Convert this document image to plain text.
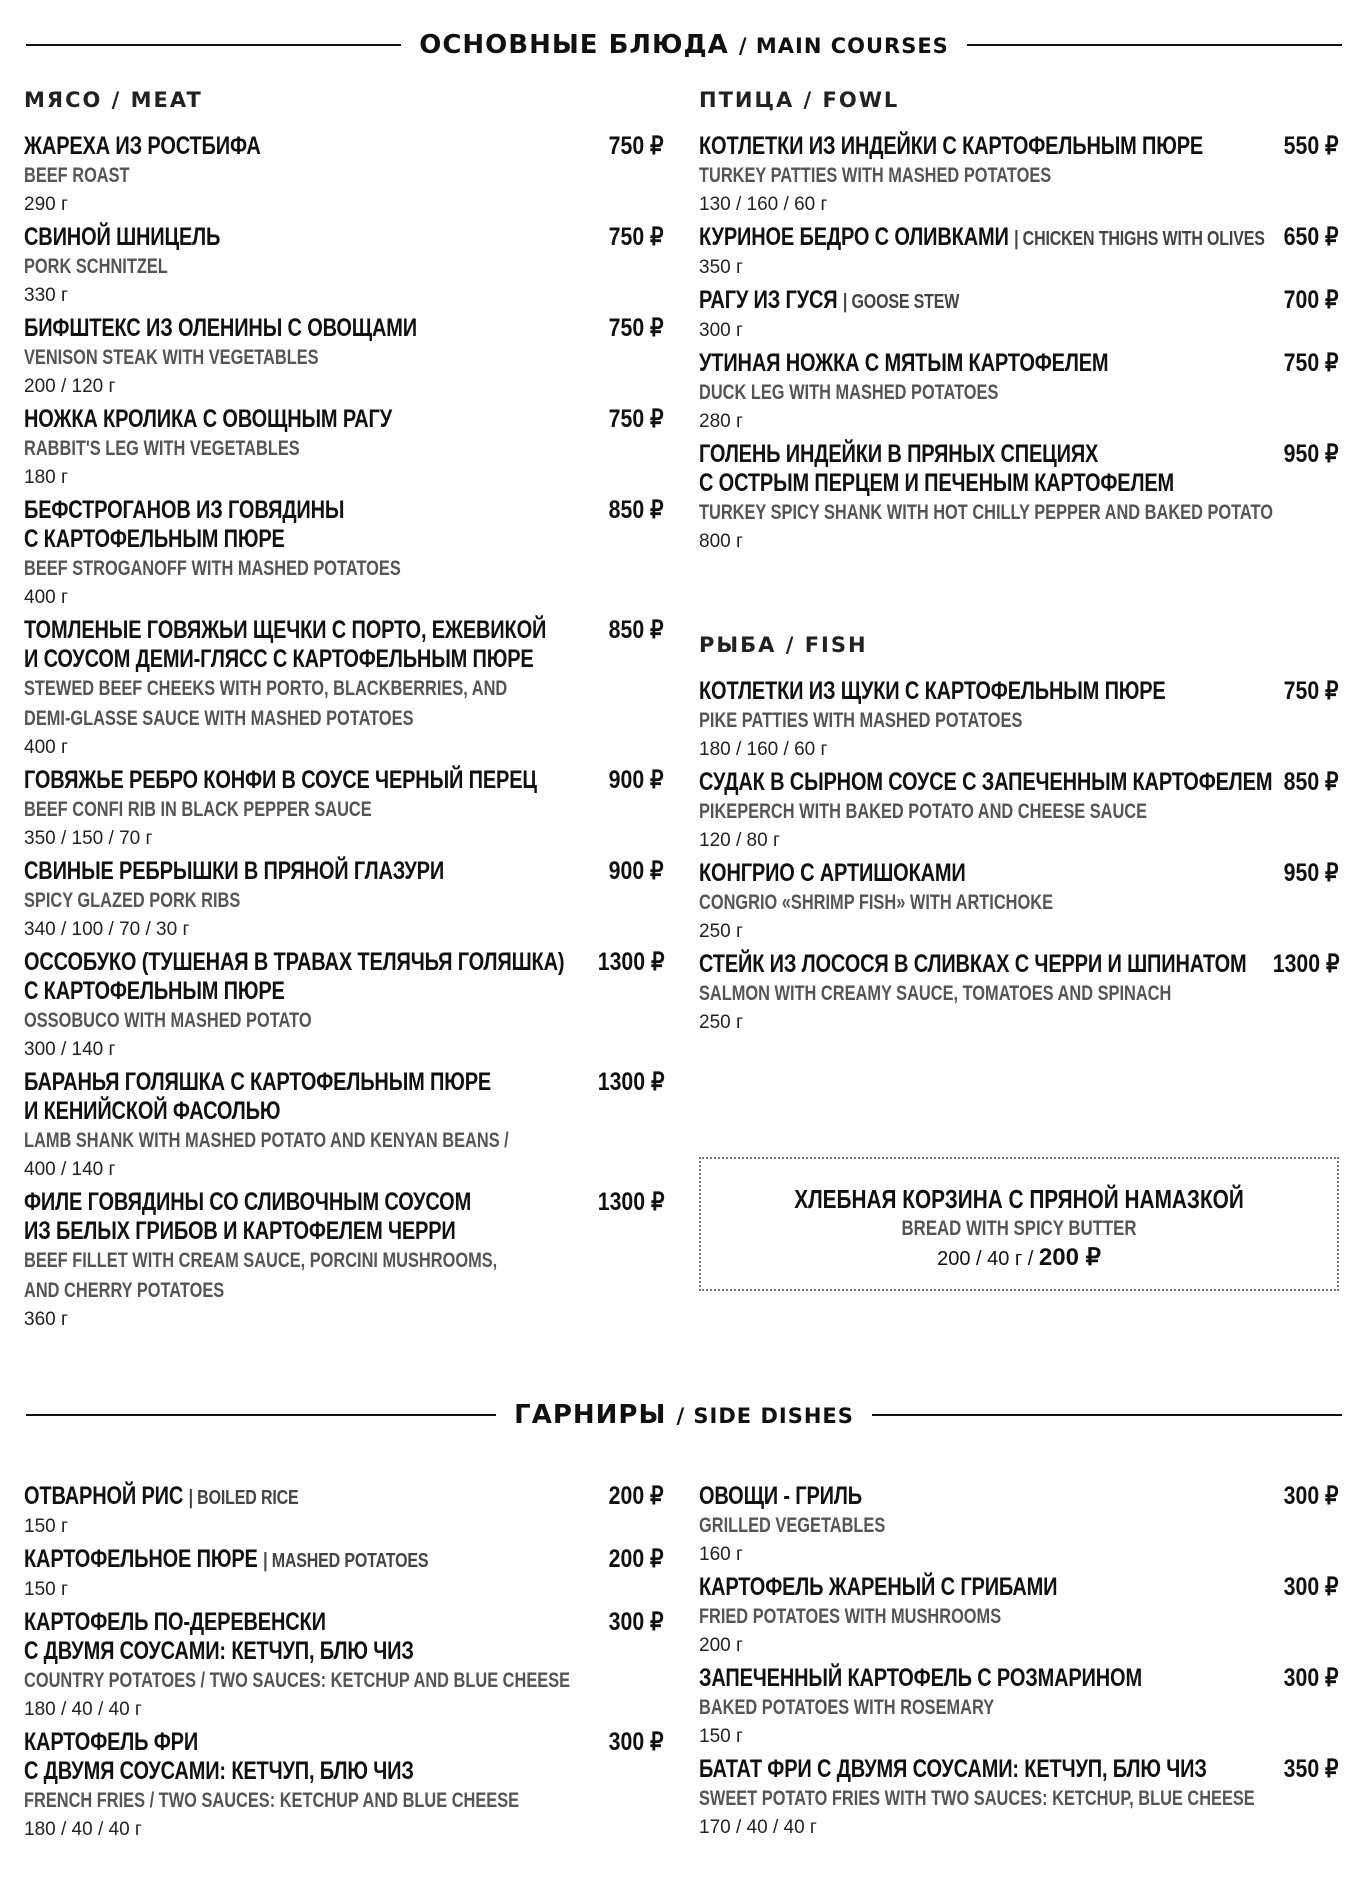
ОСНОВНЫЕ БЛЮДА / MAIN COURSES
МЯСО / MEAT
ЖАРЕХА ИЗ РОСТБИФА	750 ₽
BEEF ROAST
290 г
СВИНОЙ ШНИЦЕЛЬ	750 ₽
PORK SCHNITZEL
330 г
БИФШТЕКС ИЗ ОЛЕНИНЫ С ОВОЩАМИ	750 ₽
VENISON STEAK WITH VEGETABLES
200 / 120 г
НОЖКА КРОЛИКА С ОВОЩНЫМ РАГУ	750 ₽
RABBIT'S LEG WITH VEGETABLES
180 г
БЕФСТРОГАНОВ ИЗ ГОВЯДИНЫ
С КАРТОФЕЛЬНЫМ ПЮРЕ
850 ₽
BEEF STROGANOFF WITH MASHED POTATOES
400 г
ТОМЛЕНЫЕ ГОВЯЖЬИ ЩЕЧКИ С ПОРТО, ЕЖЕВИКОЙ
И СОУСОМ ДЕМИ-ГЛЯСС С КАРТОФЕЛЬНЫМ ПЮРЕ
850 ₽
STEWED BEEF CHEEKS WITH PORTO, BLACKBERRIES, AND
DEMI-GLASSE SAUCE WITH MASHED POTATOES
400 г
ГОВЯЖЬЕ РЕБРО КОНФИ В СОУСЕ ЧЕРНЫЙ ПЕРЕЦ	900 ₽
BEEF CONFI RIB IN BLACK PEPPER SAUCE
350 / 150 / 70 г
СВИНЫЕ РЕБРЫШКИ В ПРЯНОЙ ГЛАЗУРИ	900 ₽
SPICY GLAZED PORK RIBS
340 / 100 / 70 / 30 г
ОССОБУКО (ТУШЕНАЯ В ТРАВАХ ТЕЛЯЧЬЯ ГОЛЯШКА)
С КАРТОФЕЛЬНЫМ ПЮРЕ
1300 ₽
OSSOBUCO WITH MASHED POTATO
300 / 140 г
БАРАНЬЯ ГОЛЯШКА С КАРТОФЕЛЬНЫМ ПЮРЕ
И КЕНИЙСКОЙ ФАСОЛЬЮ
1300 ₽
LAMB SHANK WITH MASHED POTATO AND KENYAN BEANS /
400 / 140 г
ФИЛЕ ГОВЯДИНЫ СО СЛИВОЧНЫМ СОУСОМ
ИЗ БЕЛЫХ ГРИБОВ И КАРТОФЕЛЕМ ЧЕРРИ
1300 ₽
BEEF FILLET WITH CREAM SAUCE, PORCINI MUSHROOMS,
AND CHERRY POTATOES
360 г
ПТИЦА / FOWL
КОТЛЕТКИ ИЗ ИНДЕЙКИ С КАРТОФЕЛЬНЫМ ПЮРЕ	550 ₽
TURKEY PATTIES WITH MASHED POTATOES
130 / 160 / 60 г
КУРИНОЕ БЕДРО С ОЛИВКАМИ | CHICKEN THIGHS WITH OLIVES 650 ₽
350 г
РАГУ ИЗ ГУСЯ | GOOSE STEW	700 ₽
300 г
УТИНАЯ НОЖКА С МЯТЫМ КАРТОФЕЛЕМ	750 ₽
DUCK LEG WITH MASHED POTATOES
280 г
ГОЛЕНЬ ИНДЕЙКИ В ПРЯНЫХ СПЕЦИЯХ
С ОСТРЫМ ПЕРЦЕМ И ПЕЧЕНЫМ КАРТОФЕЛЕМ
950 ₽
TURKEY SPICY SHANK WITH HOT CHILLY PEPPER AND BAKED POTATO
800 г
РЫБА / FISH
КОТЛЕТКИ ИЗ ЩУКИ С КАРТОФЕЛЬНЫМ ПЮРЕ	750 ₽
PIKE PATTIES WITH MASHED POTATOES
180 / 160 / 60 г
СУДАК В СЫРНОМ СОУСЕ С ЗАПЕЧЕННЫМ КАРТОФЕЛЕМ 850 ₽
PIKEPERCH WITH BAKED POTATO AND CHEESE SAUCE
120 / 80 г
КОНГРИО С АРТИШОКАМИ	950 ₽
CONGRIO «SHRIMP FISH» WITH ARTICHOKE
250 г
СТЕЙК ИЗ ЛОСОСЯ В СЛИВКАХ С ЧЕРРИ И ШПИНАТОМ	1300 ₽
SALMON WITH CREAMY SAUCE, TOMATOES AND SPINACH
250 г
ХЛЕБНАЯ КОРЗИНА С ПРЯНОЙ НАМАЗКОЙ
BREAD WITH SPICY BUTTER
200 / 40 г / 200 ₽
ГАРНИРЫ / SIDE DISHES
ОТВАРНОЙ РИС | BOILED RICE	200 ₽
150 г
КАРТОФЕЛЬНОЕ ПЮРЕ | MASHED POTATOES	200 ₽
150 г
КАРТОФЕЛЬ ПО-ДЕРЕВЕНСКИ
С ДВУМЯ СОУСАМИ: КЕТЧУП, БЛЮ ЧИЗ
300 ₽
COUNTRY POTATOES / TWO SAUCES: KETCHUP AND BLUE CHEESE
180 / 40 / 40 г
КАРТОФЕЛЬ ФРИ
С ДВУМЯ СОУСАМИ: КЕТЧУП, БЛЮ ЧИЗ
300 ₽
FRENCH FRIES / TWO SAUCES: KETCHUP AND BLUE CHEESE
180 / 40 / 40 г
ОВОЩИ - ГРИЛЬ	300 ₽
GRILLED VEGETABLES
160 г
КАРТОФЕЛЬ ЖАРЕНЫЙ С ГРИБАМИ	300 ₽
FRIED POTATOES WITH MUSHROOMS
200 г
ЗАПЕЧЕННЫЙ КАРТОФЕЛЬ С РОЗМАРИНОМ	300 ₽
BAKED POTATOES WITH ROSEMARY
150 г
БАТАТ ФРИ С ДВУМЯ СОУСАМИ: КЕТЧУП, БЛЮ ЧИЗ	350 ₽
SWEET POTATO FRIES WITH TWO SAUCES: KETCHUP, BLUE CHEESE
170 / 40 / 40 г
